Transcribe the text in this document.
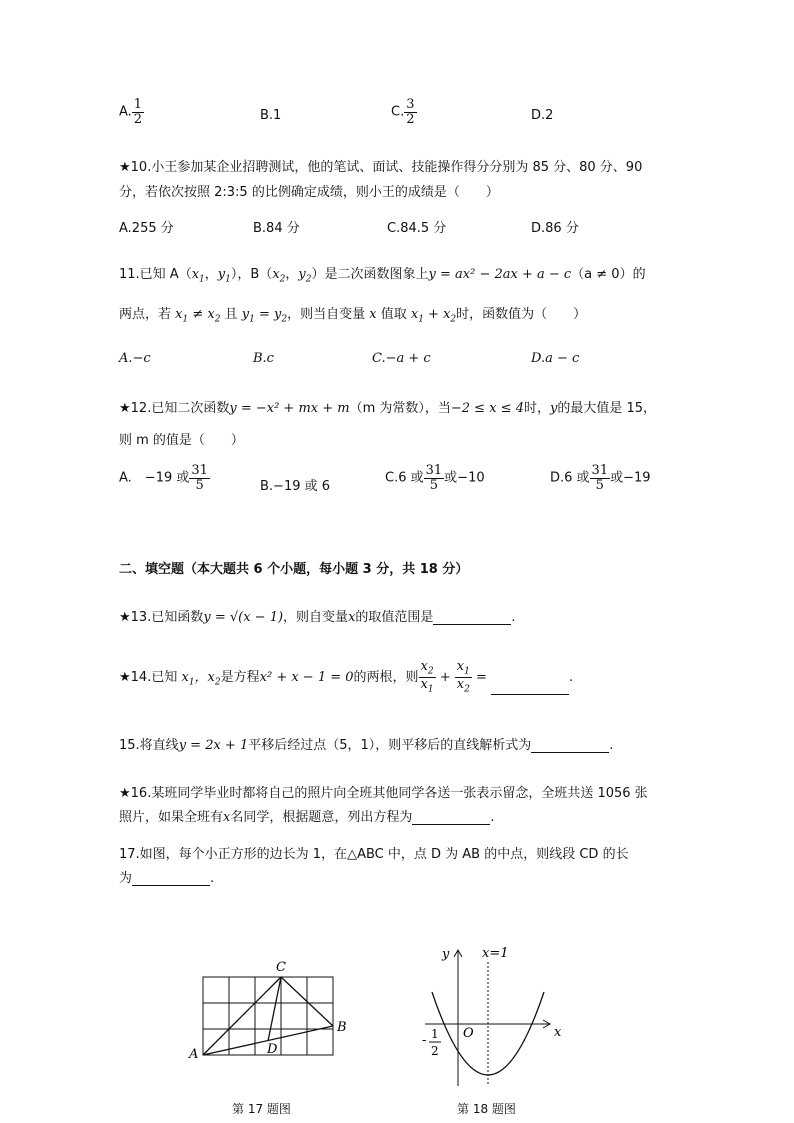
A. $\frac{1}{2}$	B.1	C. $\frac{3}{2}$	D.2
★10.小王参加某企业招聘测试，他的笔试、面试、技能操作得分分别为 85 分、80 分、90
分，若依次按照 2:3:5 的比例确定成绩，则小王的成绩是（　　）
A.255 分	B.84 分	C.84.5 分	D.86 分
11.已知 $A(x_1$，$y_1$），$B(x_2$，$y_2$）是二次函数图象上y = ax² − 2ax + a − c（a ≠ 0）的
两点，若 $x_1 \ne x_2$ 且 $y_1 = y_2$，则当自变量 x 值取 $x_1 + x_2$时，函数值为（　　）
A.−c	B.c	C.−a + c	D.a − c
★12.已知二次函数y = −x² + mx + m（m 为常数），当−2 ≤ x ≤ 4时，y的最大值是 15，
则 m 的值是（　　）
A.　−19 或 $\frac{31}{5}$	B.−19 或 6
C.6 或 $\frac{31}{5}$ 或−10	D.6 或 $\frac{31}{5}$ 或−19
二、填空题（本大题共 6 个小题，每小题 3 分，共 18 分）
★13.已知函数y = √(x − 1)，则自变量x的取值范围是	.
★14.已知 $x_1$，$x_2$是方程x² + x − 1 = 0的两根，则 $\frac{x_2}{x_1} + \frac{x_1}{x_2}$ =	.
15.将直线y = 2x + 1平移后经过点（5，1），则平移后的直线解析式为	.
★16.某班同学毕业时都将自己的照片向全班其他同学各送一张表示留念，全班共送 1056 张
照片，如果全班有x名同学，根据题意，列出方程为	.
17.如图，每个小正方形的边长为 1，在△ABC 中，点 D 为 AB 的中点，则线段 CD 的长
为	.
A
B
C
D
第 17 题图
y
x
O
x=1
- 1
2
第 18 题图
